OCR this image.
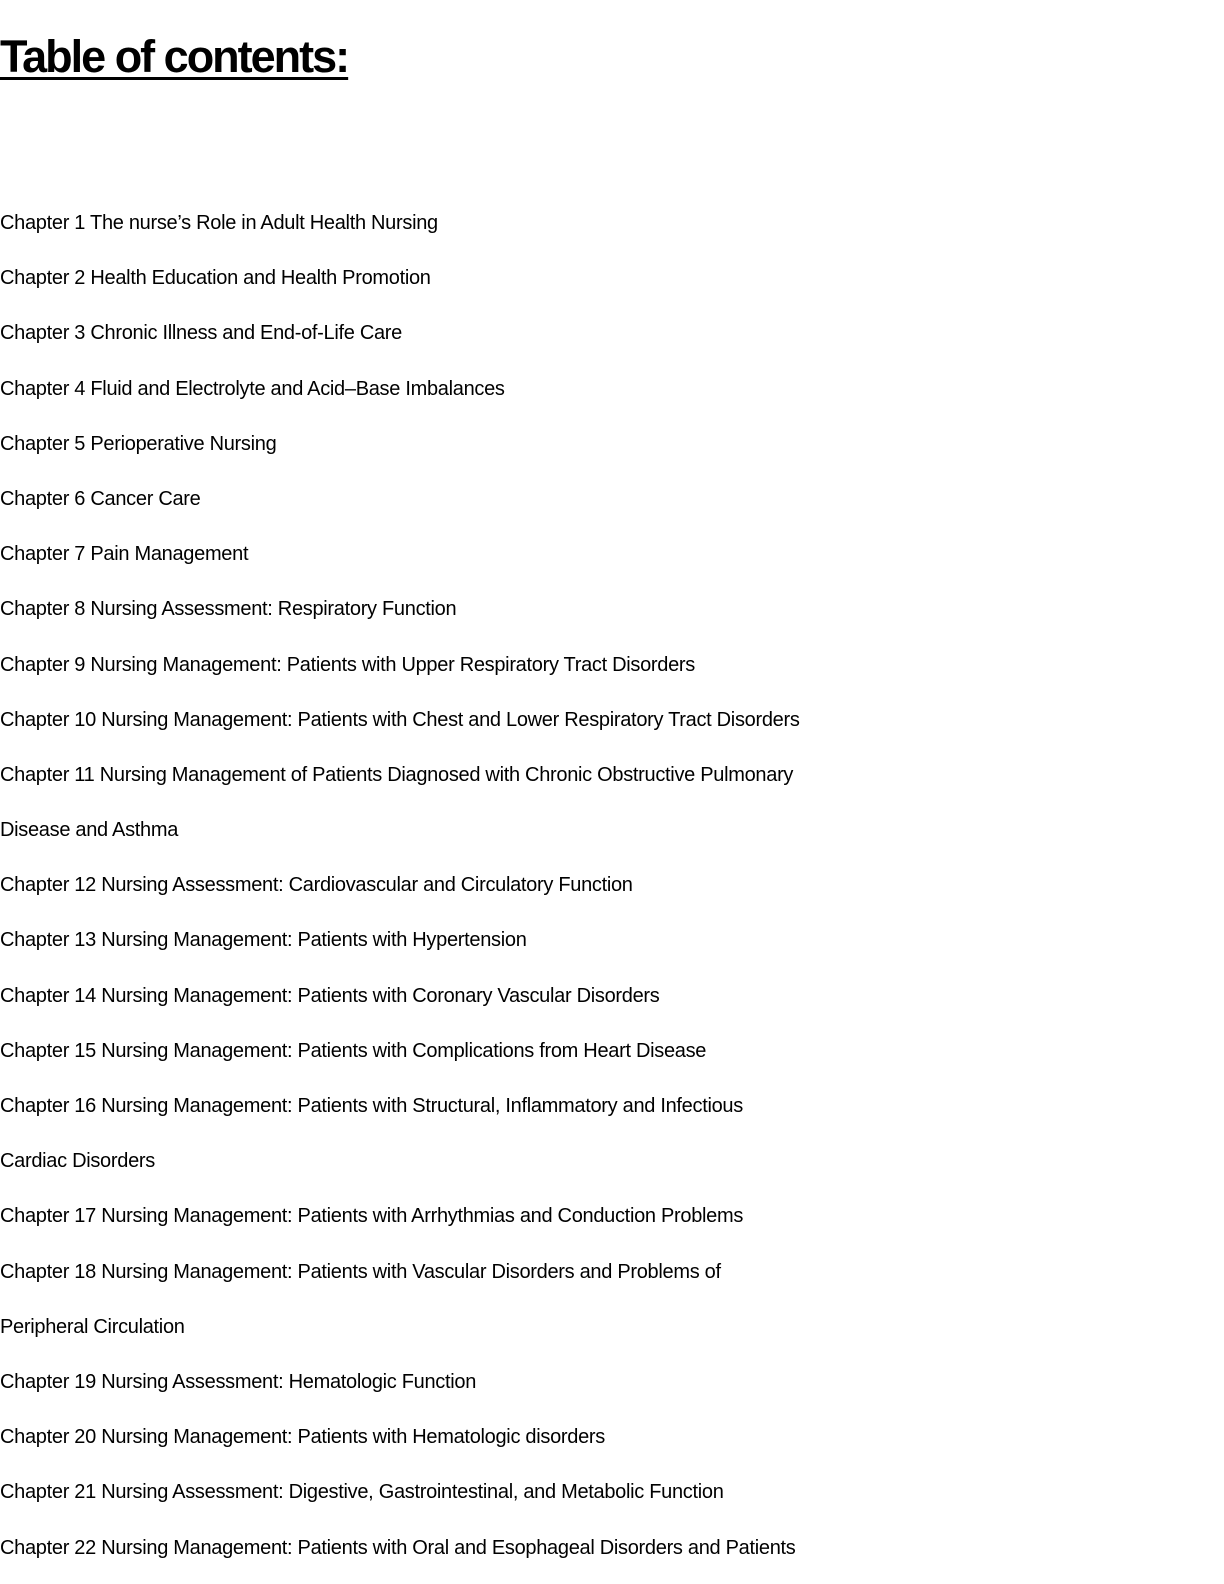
Table of contents:
Chapter 1 The nurse’s Role in Adult Health Nursing
Chapter 2 Health Education and Health Promotion
Chapter 3 Chronic Illness and End-of-Life Care
Chapter 4 Fluid and Electrolyte and Acid–Base Imbalances
Chapter 5 Perioperative Nursing
Chapter 6 Cancer Care
Chapter 7 Pain Management
Chapter 8 Nursing Assessment: Respiratory Function
Chapter 9 Nursing Management: Patients with Upper Respiratory Tract Disorders
Chapter 10 Nursing Management: Patients with Chest and Lower Respiratory Tract Disorders
Chapter 11 Nursing Management of Patients Diagnosed with Chronic Obstructive Pulmonary
Disease and Asthma
Chapter 12 Nursing Assessment: Cardiovascular and Circulatory Function
Chapter 13 Nursing Management: Patients with Hypertension
Chapter 14 Nursing Management: Patients with Coronary Vascular Disorders
Chapter 15 Nursing Management: Patients with Complications from Heart Disease
Chapter 16 Nursing Management: Patients with Structural, Inflammatory and Infectious
Cardiac Disorders
Chapter 17 Nursing Management: Patients with Arrhythmias and Conduction Problems
Chapter 18 Nursing Management: Patients with Vascular Disorders and Problems of
Peripheral Circulation
Chapter 19 Nursing Assessment: Hematologic Function
Chapter 20 Nursing Management: Patients with Hematologic disorders
Chapter 21 Nursing Assessment: Digestive, Gastrointestinal, and Metabolic Function
Chapter 22 Nursing Management: Patients with Oral and Esophageal Disorders and Patients
